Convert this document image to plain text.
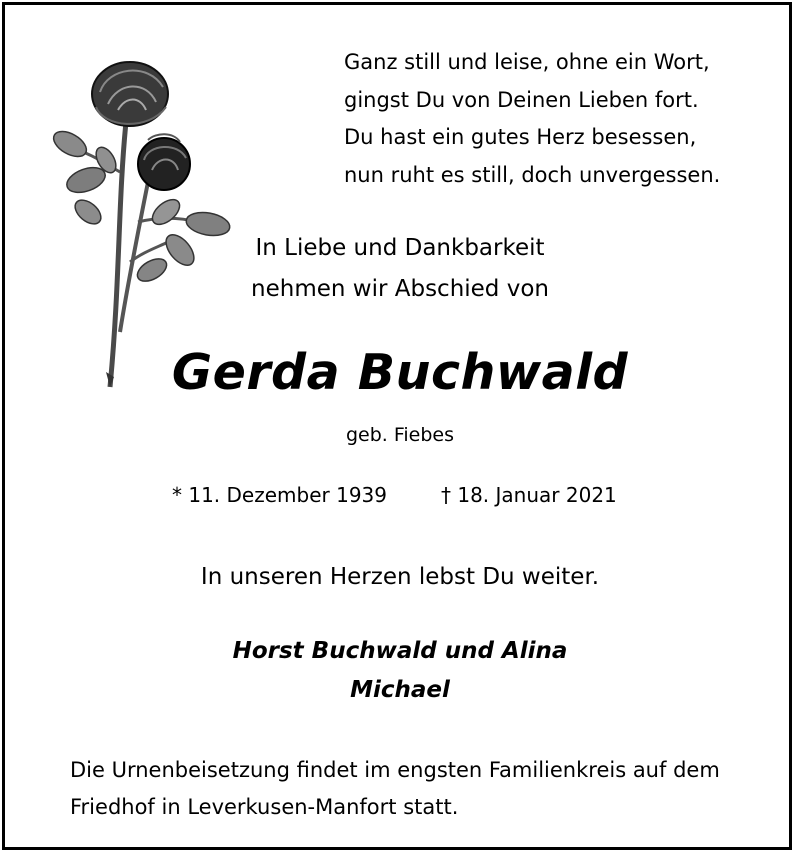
Ganz still und leise, ohne ein Wort,
gingst Du von Deinen Lieben fort.
Du hast ein gutes Herz besessen,
nun ruht es still, doch unvergessen.
In Liebe und Dankbarkeit
nehmen wir Abschied von
Gerda Buchwald
geb. Fiebes
* 11. Dezember 1939	† 18. Januar 2021
In unseren Herzen lebst Du weiter.
Horst Buchwald und Alina
Michael
Die Urnenbeisetzung findet im engsten Familienkreis auf dem
Friedhof in Leverkusen-Manfort statt.
